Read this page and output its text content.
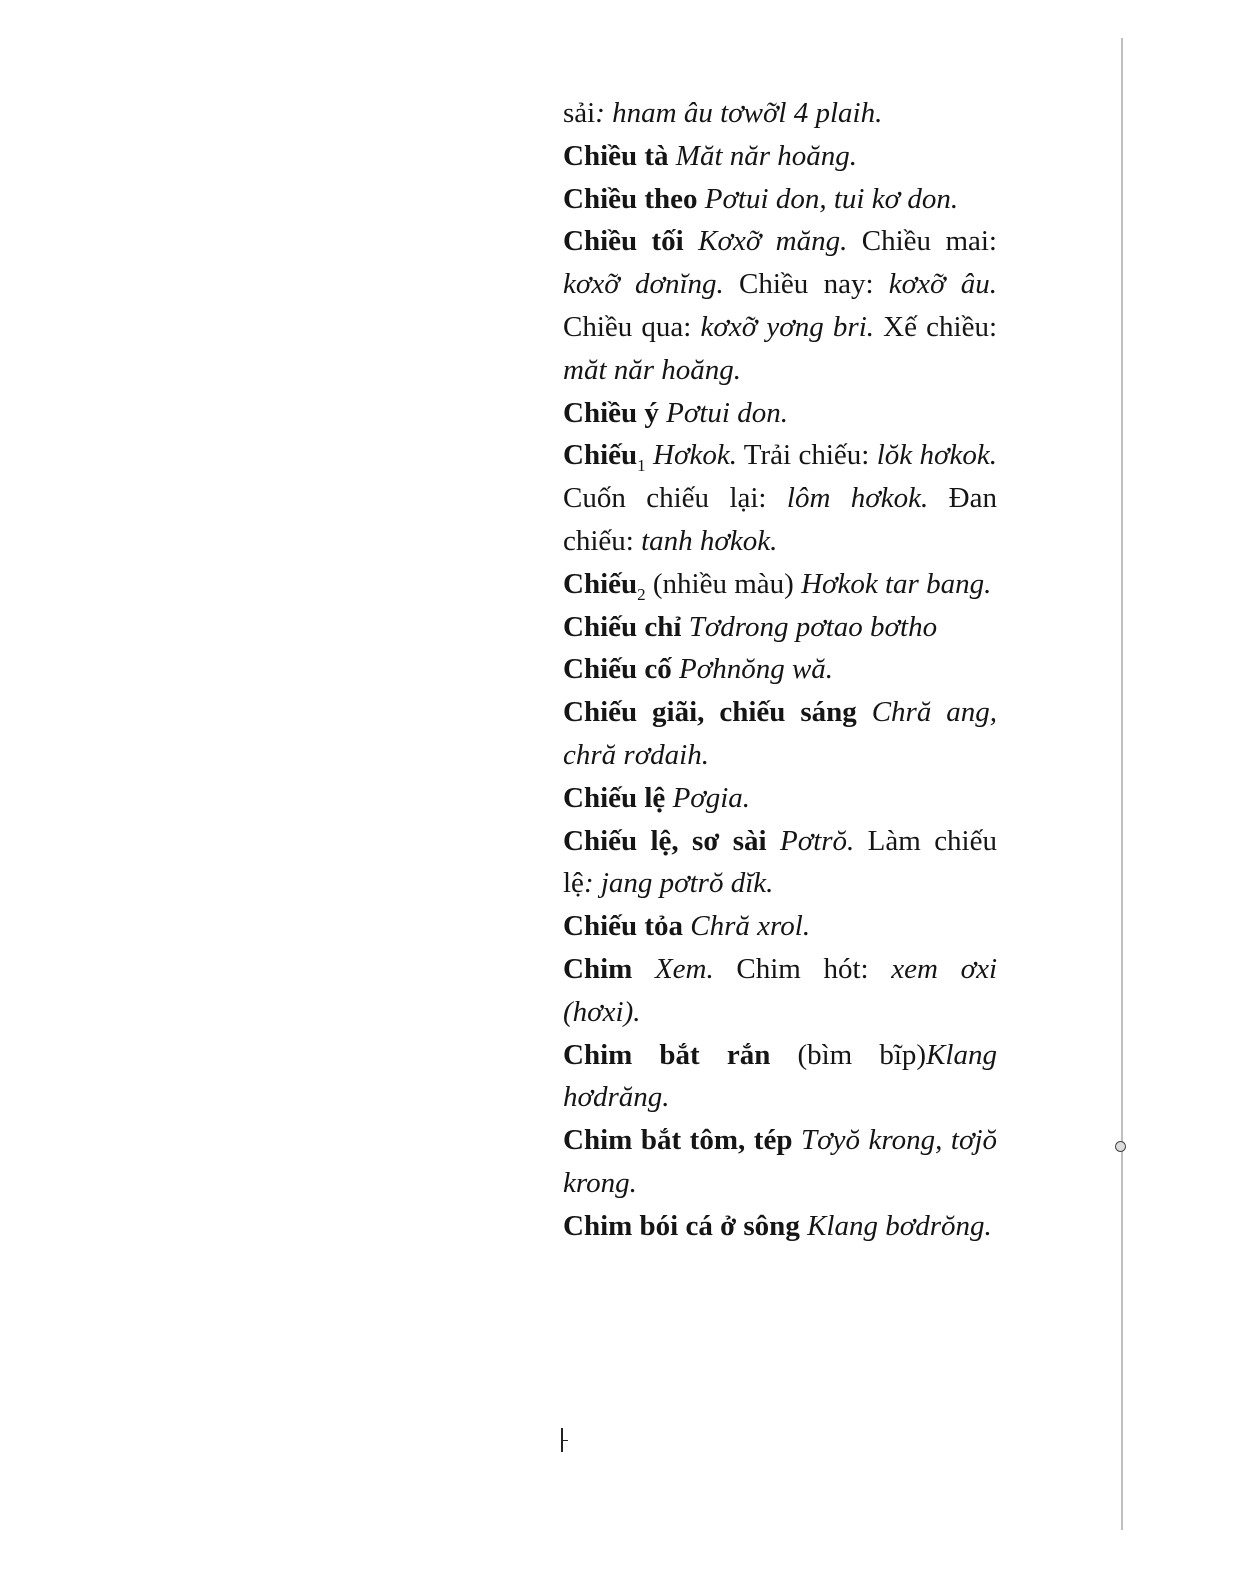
sải: hnam âu tơwỡl 4 plaih.

Chiều tà Măt năr hoăng.

Chiều theo Pơtui don, tui kơ don.

Chiều tối Kơxỡ măng. Chiều mai: kơxỡ dơnĭng. Chiều nay: kơxỡ âu. Chiều qua: kơxỡ yơng bri. Xế chiều: măt năr hoăng.

Chiều ý Pơtui don.

Chiếu$_1$ Hơkok. Trải chiếu: lŏk hơkok. Cuốn chiếu lại: lôm hơkok. Đan chiếu: tanh hơkok.

Chiếu$_2$ (nhiều màu) Hơkok tar bang.

Chiếu chỉ Tơdrong pơtao bơtho

Chiếu cố Pơhnŏng wă.

Chiếu giãi, chiếu sáng Chră ang, chră rơdaih.

Chiếu lệ Pơgia.

Chiếu lệ, sơ sài Pơtrŏ. Làm chiếu lệ: jang pơtrŏ dĭk.

Chiếu tỏa Chră xrol.

Chim Xem. Chim hót: xem ơxi (hơxi).

Chim bắt rắn (bìm bĩp)Klang hơdrăng.

Chim bắt tôm, tép Tơyŏ krong, tơjŏ krong.

Chim bói cá ở sông Klang bơdrŏng.
